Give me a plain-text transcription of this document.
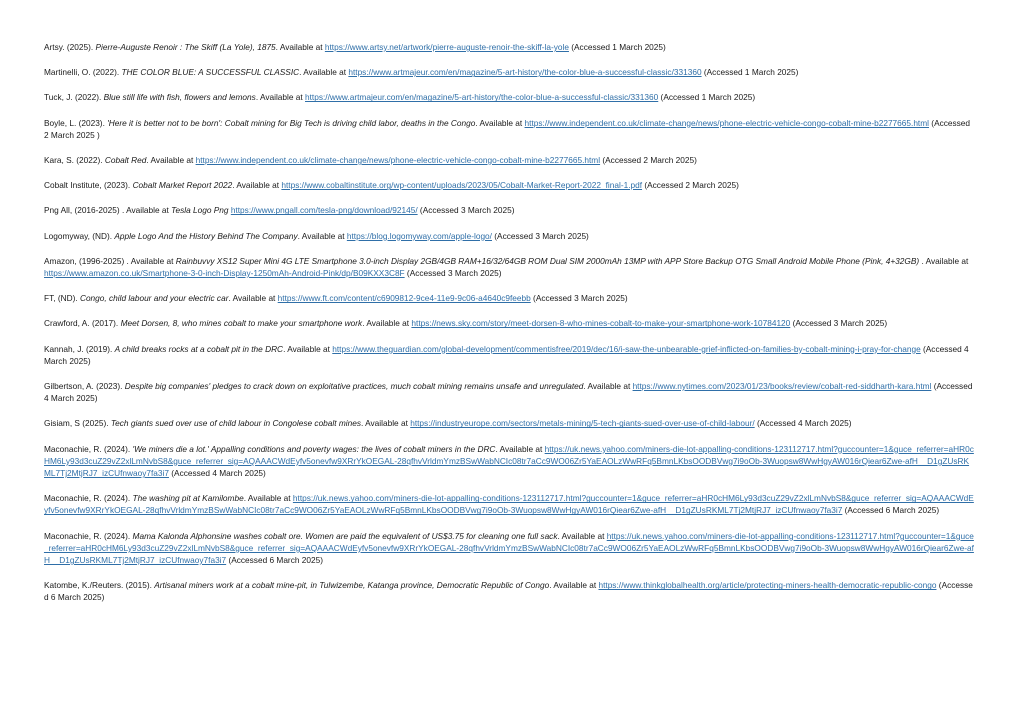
Artsy. (2025). Pierre-Auguste Renoir : The Skiff (La Yole), 1875. Available at https://www.artsy.net/artwork/pierre-auguste-renoir-the-skiff-la-yole (Accessed 1 March 2025)

Martinelli, O. (2022). THE COLOR BLUE: A SUCCESSFUL CLASSIC. Available at https://www.artmajeur.com/en/magazine/5-art-history/the-color-blue-a-successful-classic/331360 (Accessed 1 March 2025)

Tuck, J. (2022). Blue still life with fish, flowers and lemons. Available at https://www.artmajeur.com/en/magazine/5-art-history/the-color-blue-a-successful-classic/331360 (Accessed 1 March 2025)

Boyle, L. (2023). 'Here it is better not to be born': Cobalt mining for Big Tech is driving child labor, deaths in the Congo. Available at https://www.independent.co.uk/climate-change/news/phone-electric-vehicle-congo-cobalt-mine-b2277665.html (Accessed 2 March 2025 )

Kara, S. (2022). Cobalt Red. Available at https://www.independent.co.uk/climate-change/news/phone-electric-vehicle-congo-cobalt-mine-b2277665.html (Accessed 2 March 2025)

Cobalt Institute, (2023). Cobalt Market Report 2022. Available at https://www.cobaltinstitute.org/wp-content/uploads/2023/05/Cobalt-Market-Report-2022_final-1.pdf (Accessed 2 March 2025)

Png All, (2016-2025) . Available at Tesla Logo Png https://www.pngall.com/tesla-png/download/92145/ (Accessed 3 March 2025)

Logomyway, (ND). Apple Logo And the History Behind The Company. Available at https://blog.logomyway.com/apple-logo/ (Accessed 3 March 2025)

Amazon, (1996-2025) . Available at Rainbuvvy XS12 Super Mini 4G LTE Smartphone 3.0-inch Display 2GB/4GB RAM+16/32/64GB ROM Dual SIM 2000mAh 13MP with APP Store Backup OTG Small Android Mobile Phone (Pink, 4+32GB) . Available at https://www.amazon.co.uk/Smartphone-3-0-inch-Display-1250mAh-Android-Pink/dp/B09KXX3C8F (Accessed 3 March 2025)

FT, (ND). Congo, child labour and your electric car. Available at https://www.ft.com/content/c6909812-9ce4-11e9-9c06-a4640c9feebb (Accessed 3 March 2025)

Crawford, A. (2017). Meet Dorsen, 8, who mines cobalt to make your smartphone work. Available at https://news.sky.com/story/meet-dorsen-8-who-mines-cobalt-to-make-your-smartphone-work-10784120 (Accessed 3 March 2025)

Kannah, J. (2019). A child breaks rocks at a cobalt pit in the DRC. Available at https://www.theguardian.com/global-development/commentisfree/2019/dec/16/i-saw-the-unbearable-grief-inflicted-on-families-by-cobalt-mining-i-pray-for-change (Accessed 4 March 2025)

Gilbertson, A. (2023). Despite big companies' pledges to crack down on exploitative practices, much cobalt mining remains unsafe and unregulated. Available at https://www.nytimes.com/2023/01/23/books/review/cobalt-red-siddharth-kara.html (Accessed 4 March 2025)

Gisiam, S (2025). Tech giants sued over use of child labour in Congolese cobalt mines. Available at https://industryeurope.com/sectors/metals-mining/5-tech-giants-sued-over-use-of-child-labour/ (Accessed 4 March 2025)

Maconachie, R. (2024). 'We miners die a lot.' Appalling conditions and poverty wages: the lives of cobalt miners in the DRC. Available at https://uk.news.yahoo.com/miners-die-lot-appalling-conditions-123112717.html?guccounter=1&guce_referrer=aHR0cHM6Ly93d3cuZ29vZ2xlLmNvbS8&guce_referrer_sig=AQAAACWdEyfv5onevfw9XRrYkOEGAL-28qfhvVrldmYmzBSwWabNCIc08tr7aCc9WO06Zr5YaEAOLzWwRFq5BmnLKbsOODBVwg7i9oOb-3Wuopsw8WwHgyAW016rQiear6Zwe-afH__D1gZUsRKML7Tj2MtjRJ7_izCUfnwaoy7fa3i7 (Accessed 4 March 2025)

Maconachie, R. (2024). The washing pit at Kamilombe. Available at https://uk.news.yahoo.com/miners-die-lot-appalling-conditions-123112717.html?guccounter=1&guce_referrer=aHR0cHM6Ly93d3cuZ29vZ2xlLmNvbS8&guce_referrer_sig=AQAAACWdEyfv5onevfw9XRrYkOEGAL-28qfhvVrldmYmzBSwWabNCIc08tr7aCc9WO06Zr5YaEAOLzWwRFq5BmnLKbsOODBVwg7i9oOb-3Wuopsw8WwHgyAW016rQiear6Zwe-afH__D1gZUsRKML7Tj2MtjRJ7_izCUfnwaoy7fa3i7 (Accessed 6 March 2025)

Maconachie, R. (2024). Mama Kalonda Alphonsine washes cobalt ore. Women are paid the equivalent of US$3.75 for cleaning one full sack. Available at https://uk.news.yahoo.com/miners-die-lot-appalling-conditions-123112717.html?guccounter=1&guce_referrer=aHR0cHM6Ly93d3cuZ29vZ2xlLmNvbS8&guce_referrer_sig=AQAAACWdEyfv5onevfw9XRrYkOEGAL-28qfhvVrldmYmzBSwWabNCIc08tr7aCc9WO06Zr5YaEAOLzWwRFq5BmnLKbsOODBVwg7i9oOb-3Wuopsw8WwHgyAW016rQiear6Zwe-afH__D1gZUsRKML7Tj2MtjRJ7_izCUfnwaoy7fa3i7 (Accessed 6 March 2025)

Katombe, K./Reuters. (2015). Artisanal miners work at a cobalt mine-pit, in Tulwizembe, Katanga province, Democratic Republic of Congo. Available at https://www.thinkglobalhealth.org/article/protecting-miners-health-democratic-republic-congo (Accessed 6 March 2025)
